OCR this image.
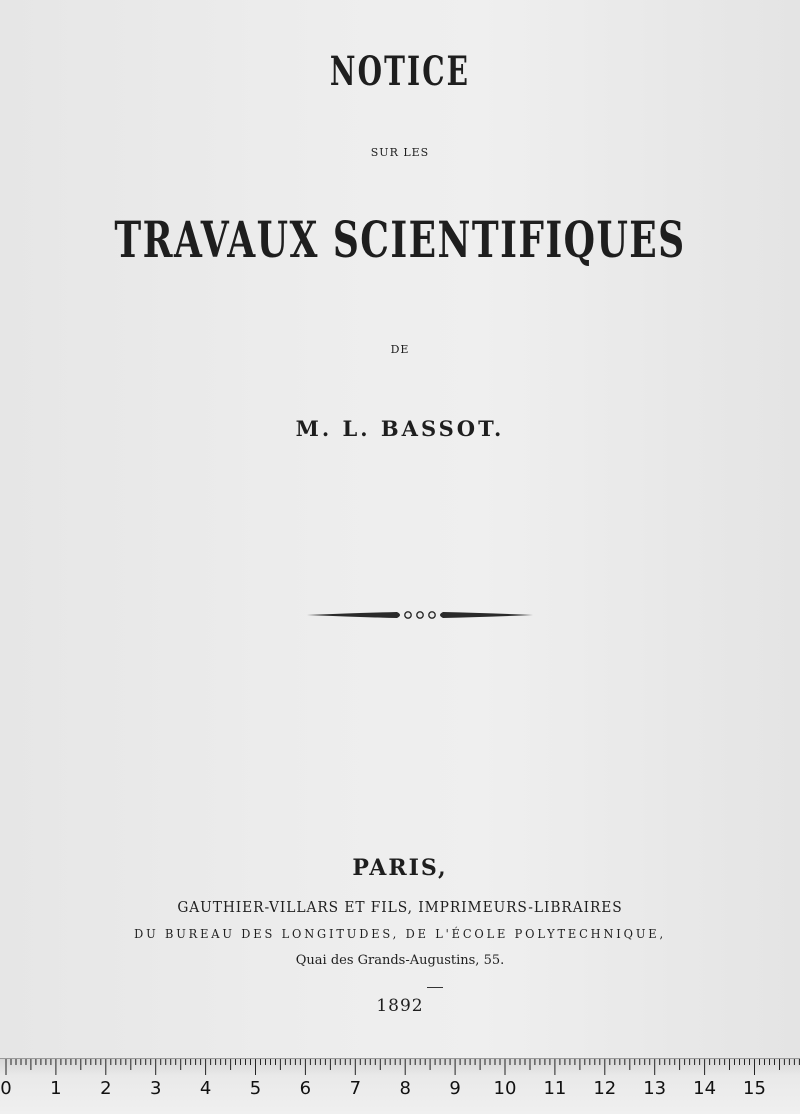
NOTICE
SUR LES
TRAVAUX SCIENTIFIQUES
DE
M. L. BASSOT.
PARIS,
GAUTHIER-VILLARS ET FILS, IMPRIMEURS-LIBRAIRES
DU BUREAU DES LONGITUDES, DE L'ÉCOLE POLYTECHNIQUE,
Quai des Grands-Augustins, 55.
1892
0	1	2	3	4	5	6	7	8	9	10 11 12 13 14 15
